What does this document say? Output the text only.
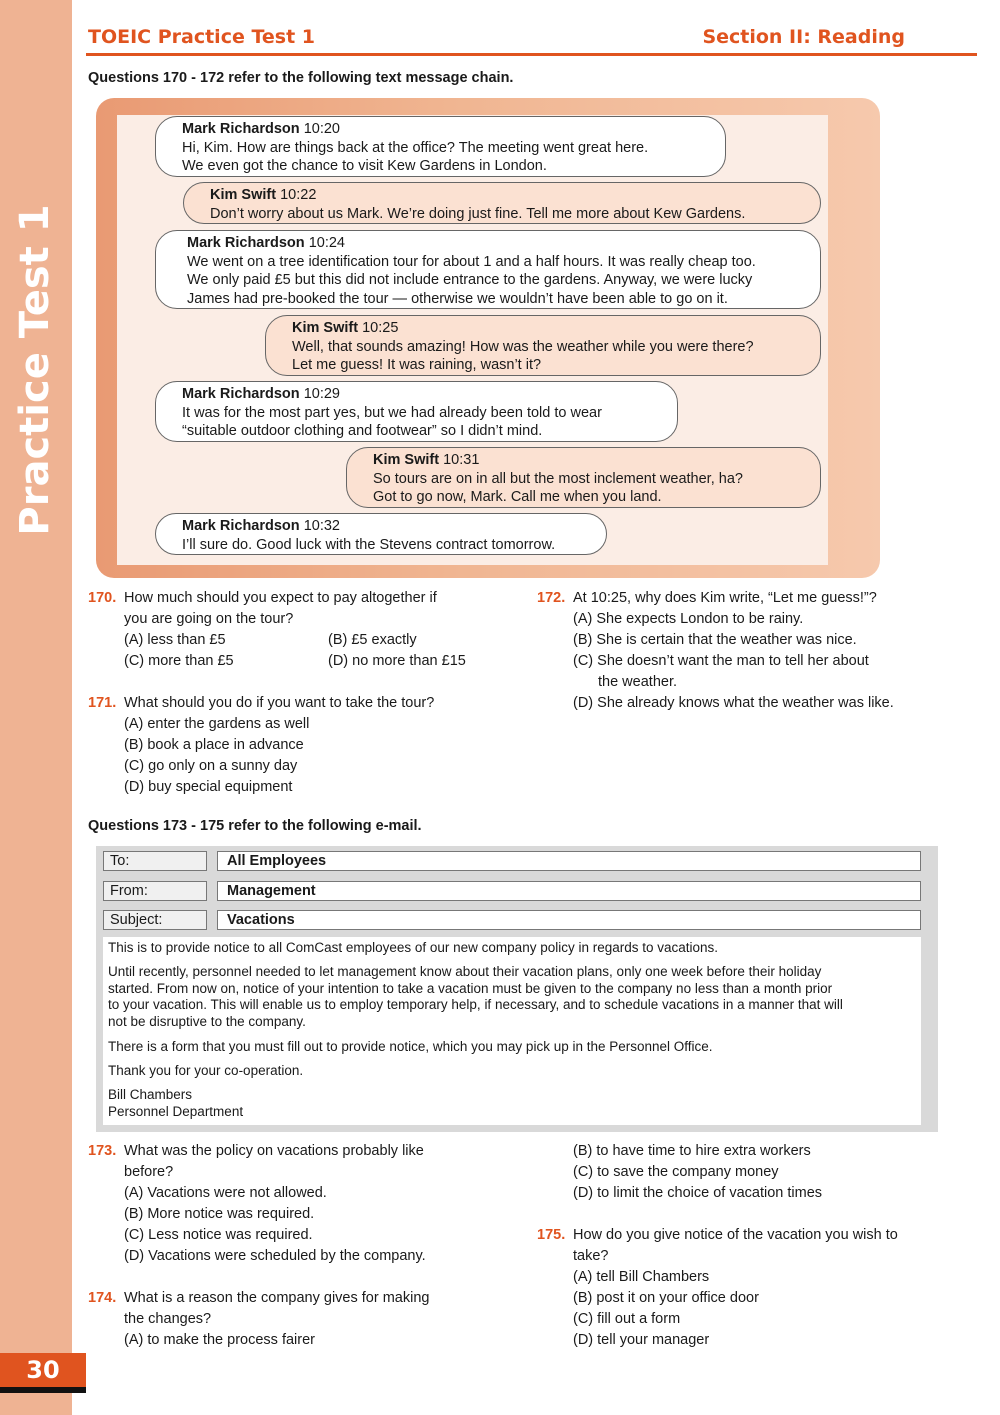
Practice Test 1
30
TOEIC Practice Test 1	Section II: Reading
Questions 170 - 172 refer to the following text message chain.
Mark Richardson 10:20
Hi, Kim. How are things back at the office? The meeting went great here.
We even got the chance to visit Kew Gardens in London.
Kim Swift 10:22
Don’t worry about us Mark. We’re doing just fine. Tell me more about Kew Gardens.
Mark Richardson 10:24
We went on a tree identification tour for about 1 and a half hours. It was really cheap too.
We only paid £5 but this did not include entrance to the gardens. Anyway, we were lucky
James had pre-booked the tour — otherwise we wouldn’t have been able to go on it.
Kim Swift 10:25
Well, that sounds amazing! How was the weather while you were there?
Let me guess! It was raining, wasn’t it?
Mark Richardson 10:29
It was for the most part yes, but we had already been told to wear
“suitable outdoor clothing and footwear” so I didn’t mind.
Kim Swift 10:31
So tours are on in all but the most inclement weather, ha?
Got to go now, Mark. Call me when you land.
Mark Richardson 10:32
I’ll sure do. Good luck with the Stevens contract tomorrow.
170. How much should you expect to pay altogether if
you are going on the tour?
(A) less than £5	(B) £5 exactly
(C) more than £5	(D) no more than £15
171. What should you do if you want to take the tour?
(A) enter the gardens as well
(B) book a place in advance
(C) go only on a sunny day
(D) buy special equipment
172. At 10:25, why does Kim write, “Let me guess!”?
(A) She expects London to be rainy.
(B) She is certain that the weather was nice.
(C) She doesn’t want the man to tell her about
the weather.
(D) She already knows what the weather was like.
Questions 173 - 175 refer to the following e-mail.
To:	All Employees
From:	Management
Subject:	Vacations
This is to provide notice to all ComCast employees of our new company policy in regards to vacations.
Until recently, personnel needed to let management know about their vacation plans, only one week before their holiday
started. From now on, notice of your intention to take a vacation must be given to the company no less than a month prior
to your vacation. This will enable us to employ temporary help, if necessary, and to schedule vacations in a manner that will
not be disruptive to the company.
There is a form that you must fill out to provide notice, which you may pick up in the Personnel Office.
Thank you for your co-operation.
Bill Chambers
Personnel Department
173. What was the policy on vacations probably like
before?
(A) Vacations were not allowed.
(B) More notice was required.
(C) Less notice was required.
(D) Vacations were scheduled by the company.
174. What is a reason the company gives for making
the changes?
(A) to make the process fairer
(B) to have time to hire extra workers
(C) to save the company money
(D) to limit the choice of vacation times
175. How do you give notice of the vacation you wish to
take?
(A) tell Bill Chambers
(B) post it on your office door
(C) fill out a form
(D) tell your manager
